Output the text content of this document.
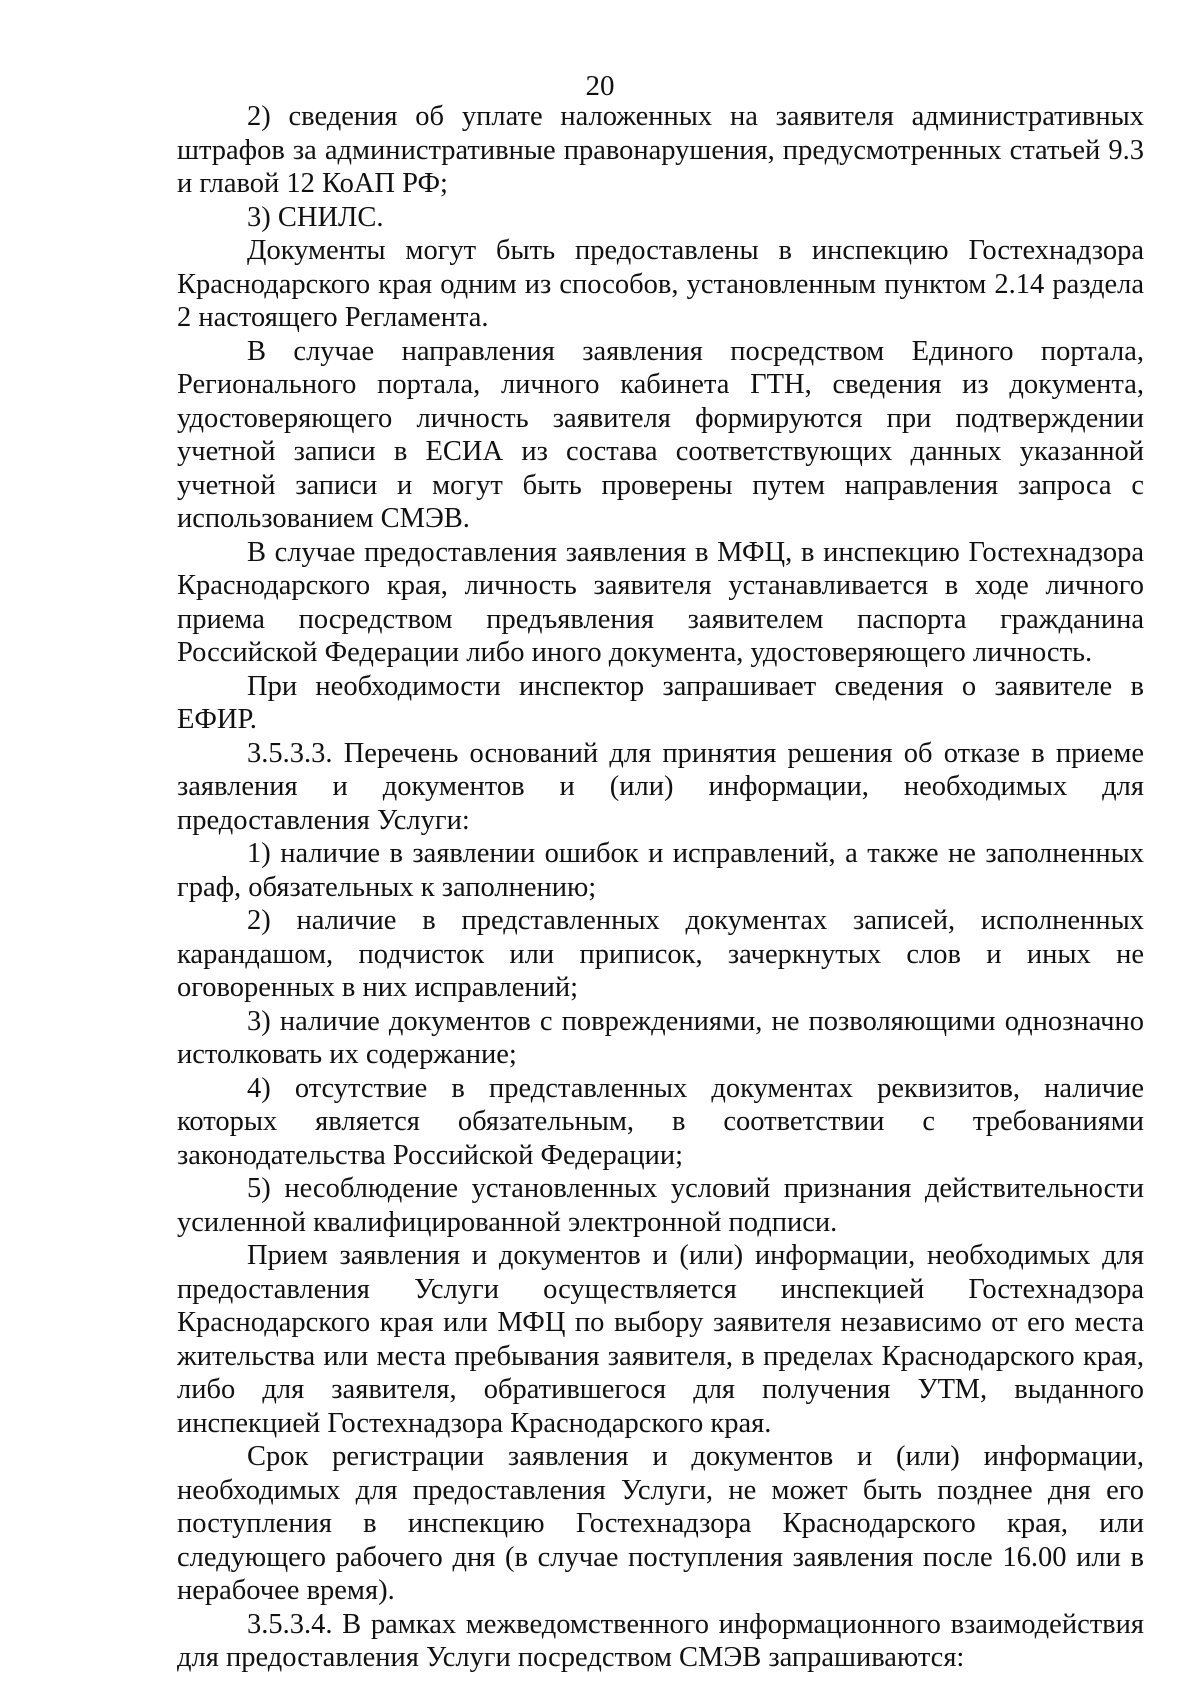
20

2) сведения об уплате наложенных на заявителя административных штрафов за административные правонарушения, предусмотренных статьей 9.3 и главой 12 КоАП РФ;

3) СНИЛС.

Документы могут быть предоставлены в инспекцию Гостехнадзора Краснодарского края одним из способов, установленным пунктом 2.14 раздела 2 настоящего Регламента.

В случае направления заявления посредством Единого портала, Регионального портала, личного кабинета ГТН, сведения из документа, удостоверяющего личность заявителя формируются при подтверждении учетной записи в ЕСИА из состава соответствующих данных указанной учетной записи и могут быть проверены путем направления запроса с использованием СМЭВ.

В случае предоставления заявления в МФЦ, в инспекцию Гостехнадзора Краснодарского края, личность заявителя устанавливается в ходе личного приема посредством предъявления заявителем паспорта гражданина Российской Федерации либо иного документа, удостоверяющего личность.

При необходимости инспектор запрашивает сведения о заявителе в ЕФИР.

3.5.3.3. Перечень оснований для принятия решения об отказе в приеме заявления и документов и (или) информации, необходимых для предоставления Услуги:

1) наличие в заявлении ошибок и исправлений, а также не заполненных граф, обязательных к заполнению;

2) наличие в представленных документах записей, исполненных карандашом, подчисток или приписок, зачеркнутых слов и иных не оговоренных в них исправлений;

3) наличие документов с повреждениями, не позволяющими однозначно истолковать их содержание;

4) отсутствие в представленных документах реквизитов, наличие которых является обязательным, в соответствии с требованиями законодательства Российской Федерации;

5) несоблюдение установленных условий признания действительности усиленной квалифицированной электронной подписи.

Прием заявления и документов и (или) информации, необходимых для предоставления Услуги осуществляется инспекцией Гостехнадзора Краснодарского края или МФЦ по выбору заявителя независимо от его места жительства или места пребывания заявителя, в пределах Краснодарского края, либо для заявителя, обратившегося для получения УТМ, выданного инспекцией Гостехнадзора Краснодарского края.

Срок регистрации заявления и документов и (или) информации, необходимых для предоставления Услуги, не может быть позднее дня его поступления в инспекцию Гостехнадзора Краснодарского края, или следующего рабочего дня (в случае поступления заявления после 16.00 или в нерабочее время).

3.5.3.4. В рамках межведомственного информационного взаимодействия для предоставления Услуги посредством СМЭВ запрашиваются:
